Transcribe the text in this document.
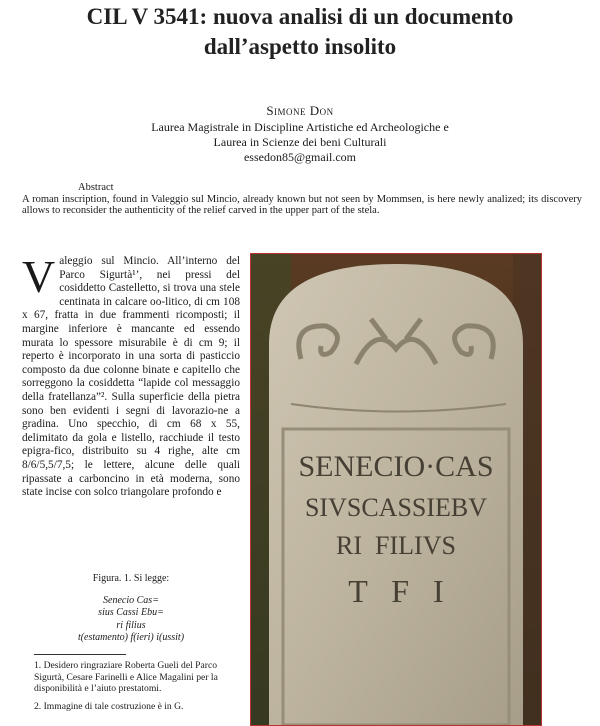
CIL V 3541: nuova analisi di un documento
dall’aspetto insolito
Simone Don
Laurea Magistrale in Discipline Artistiche ed Archeologiche e
Laurea in Scienze dei beni Culturali
essedon85@gmail.com
Abstract
A roman inscription, found in Valeggio sul Mincio, already known but not seen by Mommsen, is here newly analized; its discovery allows to reconsider the authenticity of the relief carved in the upper part of the stela.
V aleggio sul Mincio. All’interno del Parco Sigurtà¹’, nei pressi del cosiddetto Castelletto, si trova una stele centinata in calcare oo-litico, di cm 108 x 67, fratta in due frammenti ricomposti; il margine inferiore è mancante ed essendo murata lo spessore misurabile è di cm 9; il reperto è incorporato in una sorta di pasticcio composto da due colonne binate e capitello che sorreggono la cosiddetta “lapide col messaggio della fratellanza”². Sulla superficie della pietra sono ben evidenti i segni di lavorazio-ne a gradina. Uno specchio, di cm 68 x 55, delimitato da gola e listello, racchiude il testo epigra-fico, distribuito su 4 righe, alte cm 8/6/5,5/7,5; le lettere, alcune delle quali ripassate a carboncino in età moderna, sono state incise con solco triangolare profondo e
Figura. 1. Si legge:
Senecio Cas=
sius Cassi Ebu=
ri filius
t(estamento) f(ieri) i(ussit)

1. Desidero ringraziare Roberta Gueli del Parco Sigurtà, Cesare Farinelli e Alice Magalini per la disponibilità e l’aiuto prestatomi.

2. Immagine di tale costruzione è in G.

SENECIO·CAS
SIVSCASSIEBV
RI  FILIVS
T   F   I
